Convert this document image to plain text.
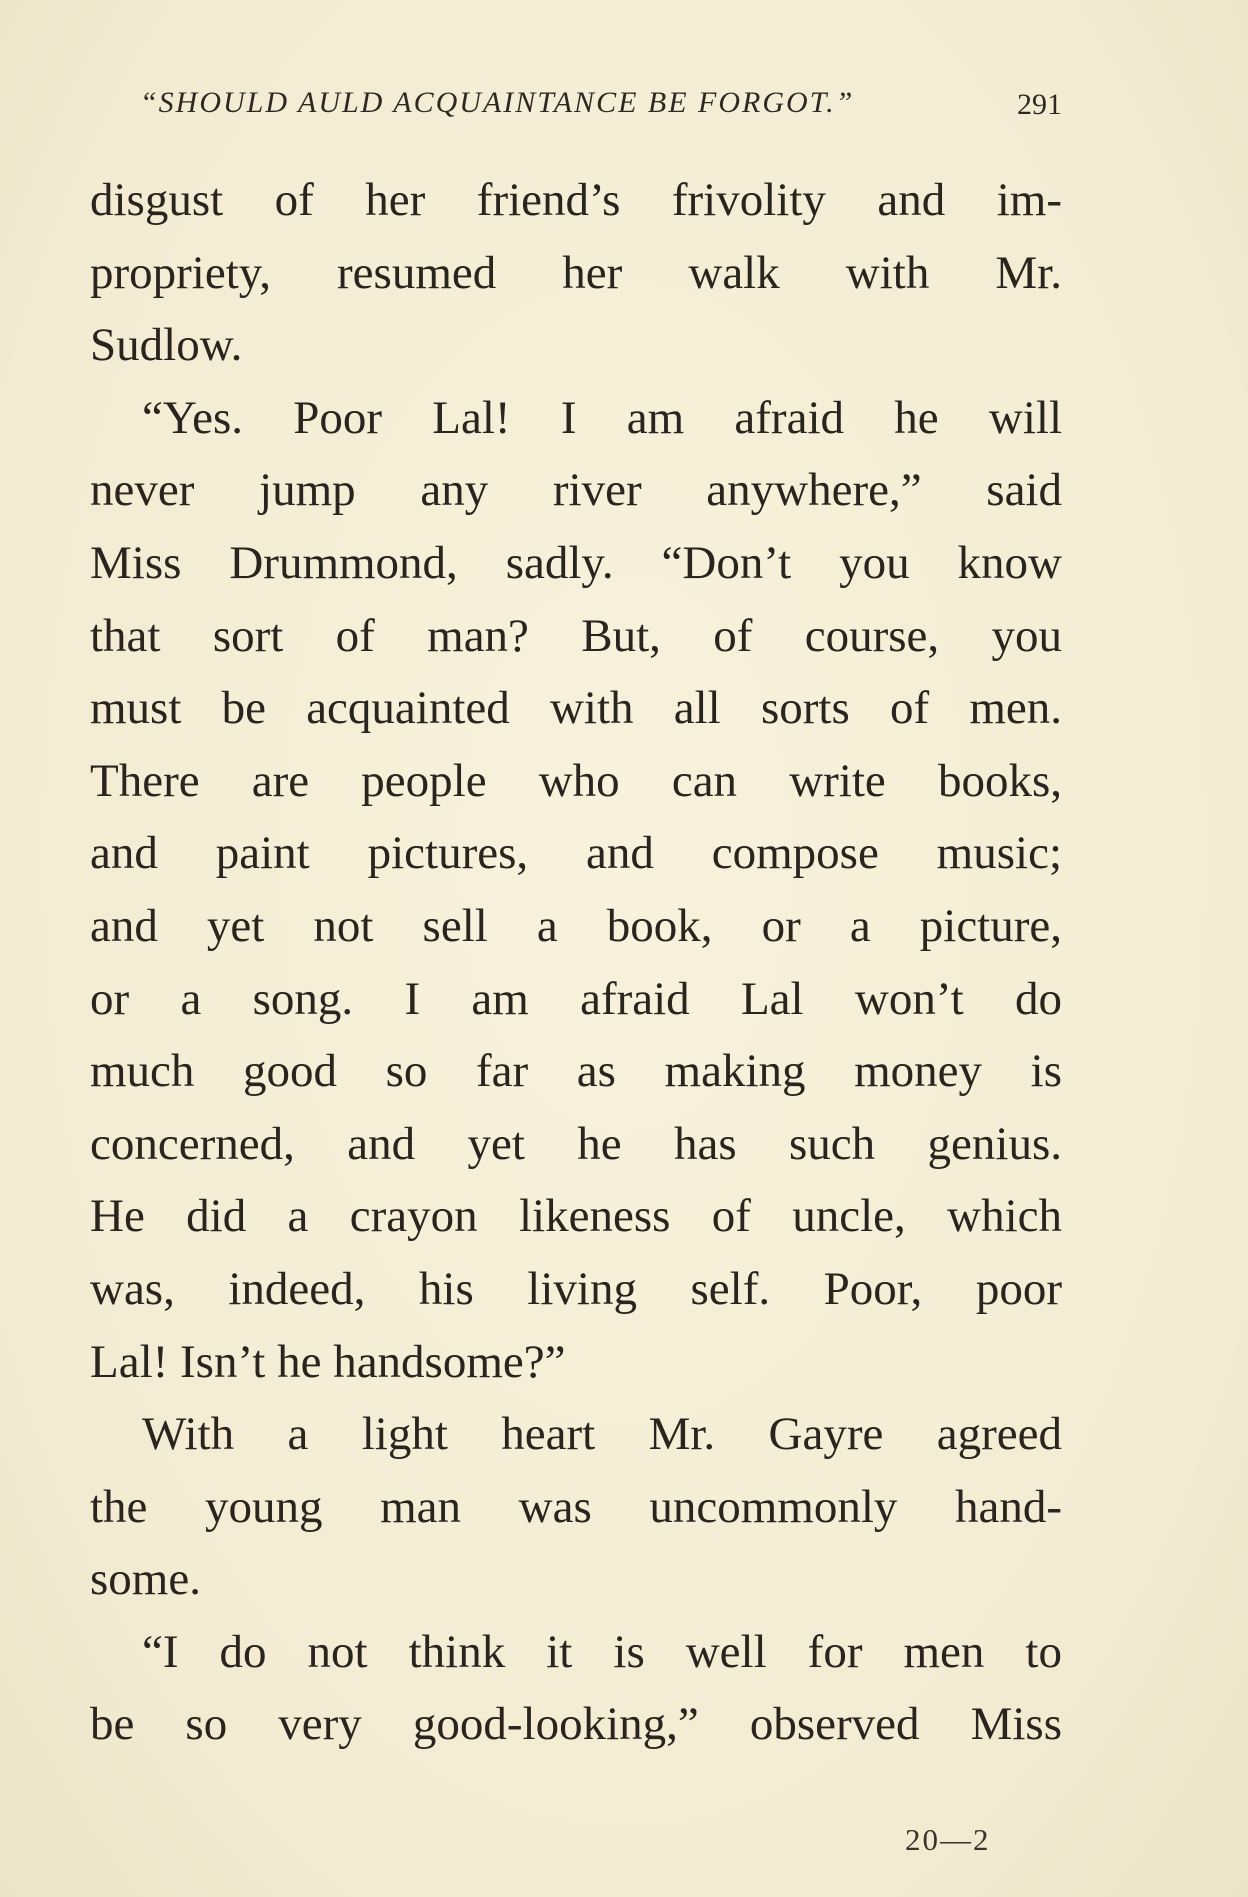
“SHOULD AULD ACQUAINTANCE BE FORGOT.”	291
disgust of her friend’s frivolity and im-
propriety, resumed her walk with Mr.
Sudlow.
“Yes. Poor Lal! I am afraid he will
never jump any river anywhere,” said
Miss Drummond, sadly. “Don’t you know
that sort of man? But, of course, you
must be acquainted with all sorts of men.
There are people who can write books,
and paint pictures, and compose music;
and yet not sell a book, or a picture,
or a song. I am afraid Lal won’t do
much good so far as making money is
concerned, and yet he has such genius.
He did a crayon likeness of uncle, which
was, indeed, his living self. Poor, poor
Lal! Isn’t he handsome?”
With a light heart Mr. Gayre agreed
the young man was uncommonly hand-
some.
“I do not think it is well for men to
be so very good-looking,” observed Miss
20—2
